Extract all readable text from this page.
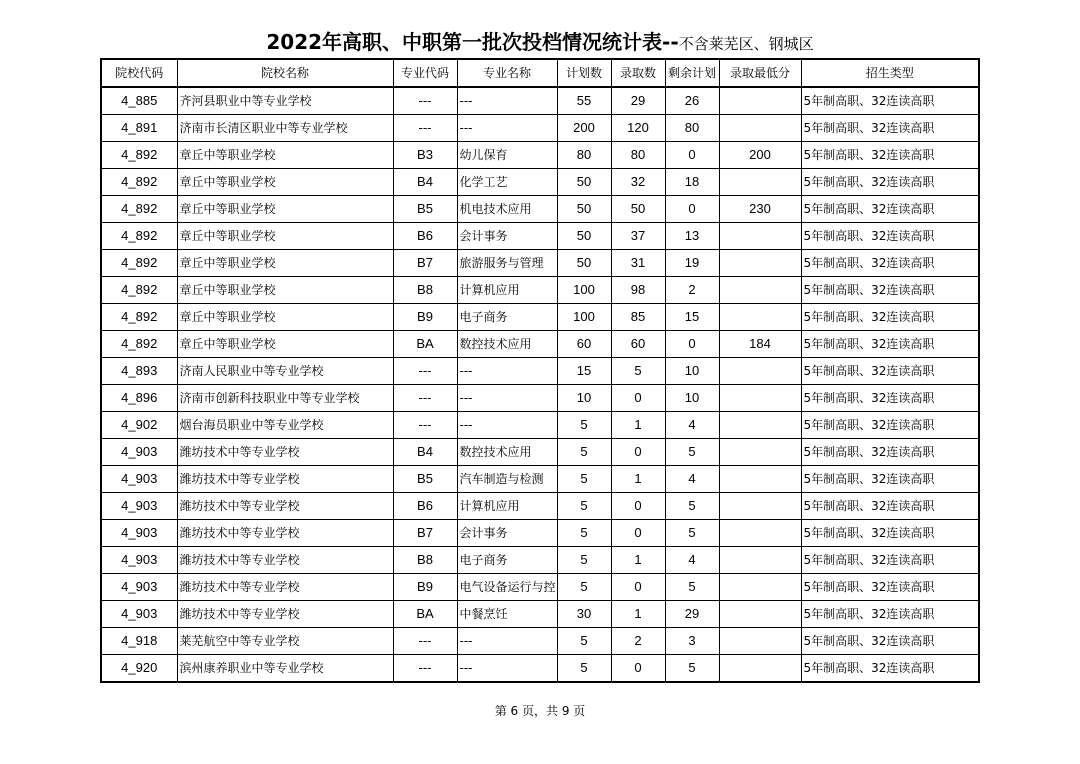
2022年高职、中职第一批次投档情况统计表--不含莱芜区、钢城区
院校代码	院校名称	专业代码	专业名称	计划数	录取数	剩余计划	录取最低分	招生类型
4_885	齐河县职业中等专业学校	---	---	55	29	26		5年制高职、32连读高职
4_891	济南市长清区职业中等专业学校	---	---	200	120	80		5年制高职、32连读高职
4_892	章丘中等职业学校	B3	幼儿保育	80	80	0	200	5年制高职、32连读高职
4_892	章丘中等职业学校	B4	化学工艺	50	32	18		5年制高职、32连读高职
4_892	章丘中等职业学校	B5	机电技术应用	50	50	0	230	5年制高职、32连读高职
4_892	章丘中等职业学校	B6	会计事务	50	37	13		5年制高职、32连读高职
4_892	章丘中等职业学校	B7	旅游服务与管理	50	31	19		5年制高职、32连读高职
4_892	章丘中等职业学校	B8	计算机应用	100	98	2		5年制高职、32连读高职
4_892	章丘中等职业学校	B9	电子商务	100	85	15		5年制高职、32连读高职
4_892	章丘中等职业学校	BA	数控技术应用	60	60	0	184	5年制高职、32连读高职
4_893	济南人民职业中等专业学校	---	---	15	5	10		5年制高职、32连读高职
4_896	济南市创新科技职业中等专业学校	---	---	10	0	10		5年制高职、32连读高职
4_902	烟台海员职业中等专业学校	---	---	5	1	4		5年制高职、32连读高职
4_903	潍坊技术中等专业学校	B4	数控技术应用	5	0	5		5年制高职、32连读高职
4_903	潍坊技术中等专业学校	B5	汽车制造与检测	5	1	4		5年制高职、32连读高职
4_903	潍坊技术中等专业学校	B6	计算机应用	5	0	5		5年制高职、32连读高职
4_903	潍坊技术中等专业学校	B7	会计事务	5	0	5		5年制高职、32连读高职
4_903	潍坊技术中等专业学校	B8	电子商务	5	1	4		5年制高职、32连读高职
4_903	潍坊技术中等专业学校	B9	电气设备运行与控	5	0	5		5年制高职、32连读高职
4_903	潍坊技术中等专业学校	BA	中餐烹饪	30	1	29		5年制高职、32连读高职
4_918	莱芜航空中等专业学校	---	---	5	2	3		5年制高职、32连读高职
4_920	滨州康养职业中等专业学校	---	---	5	0	5		5年制高职、32连读高职
第 6 页，共 9 页
